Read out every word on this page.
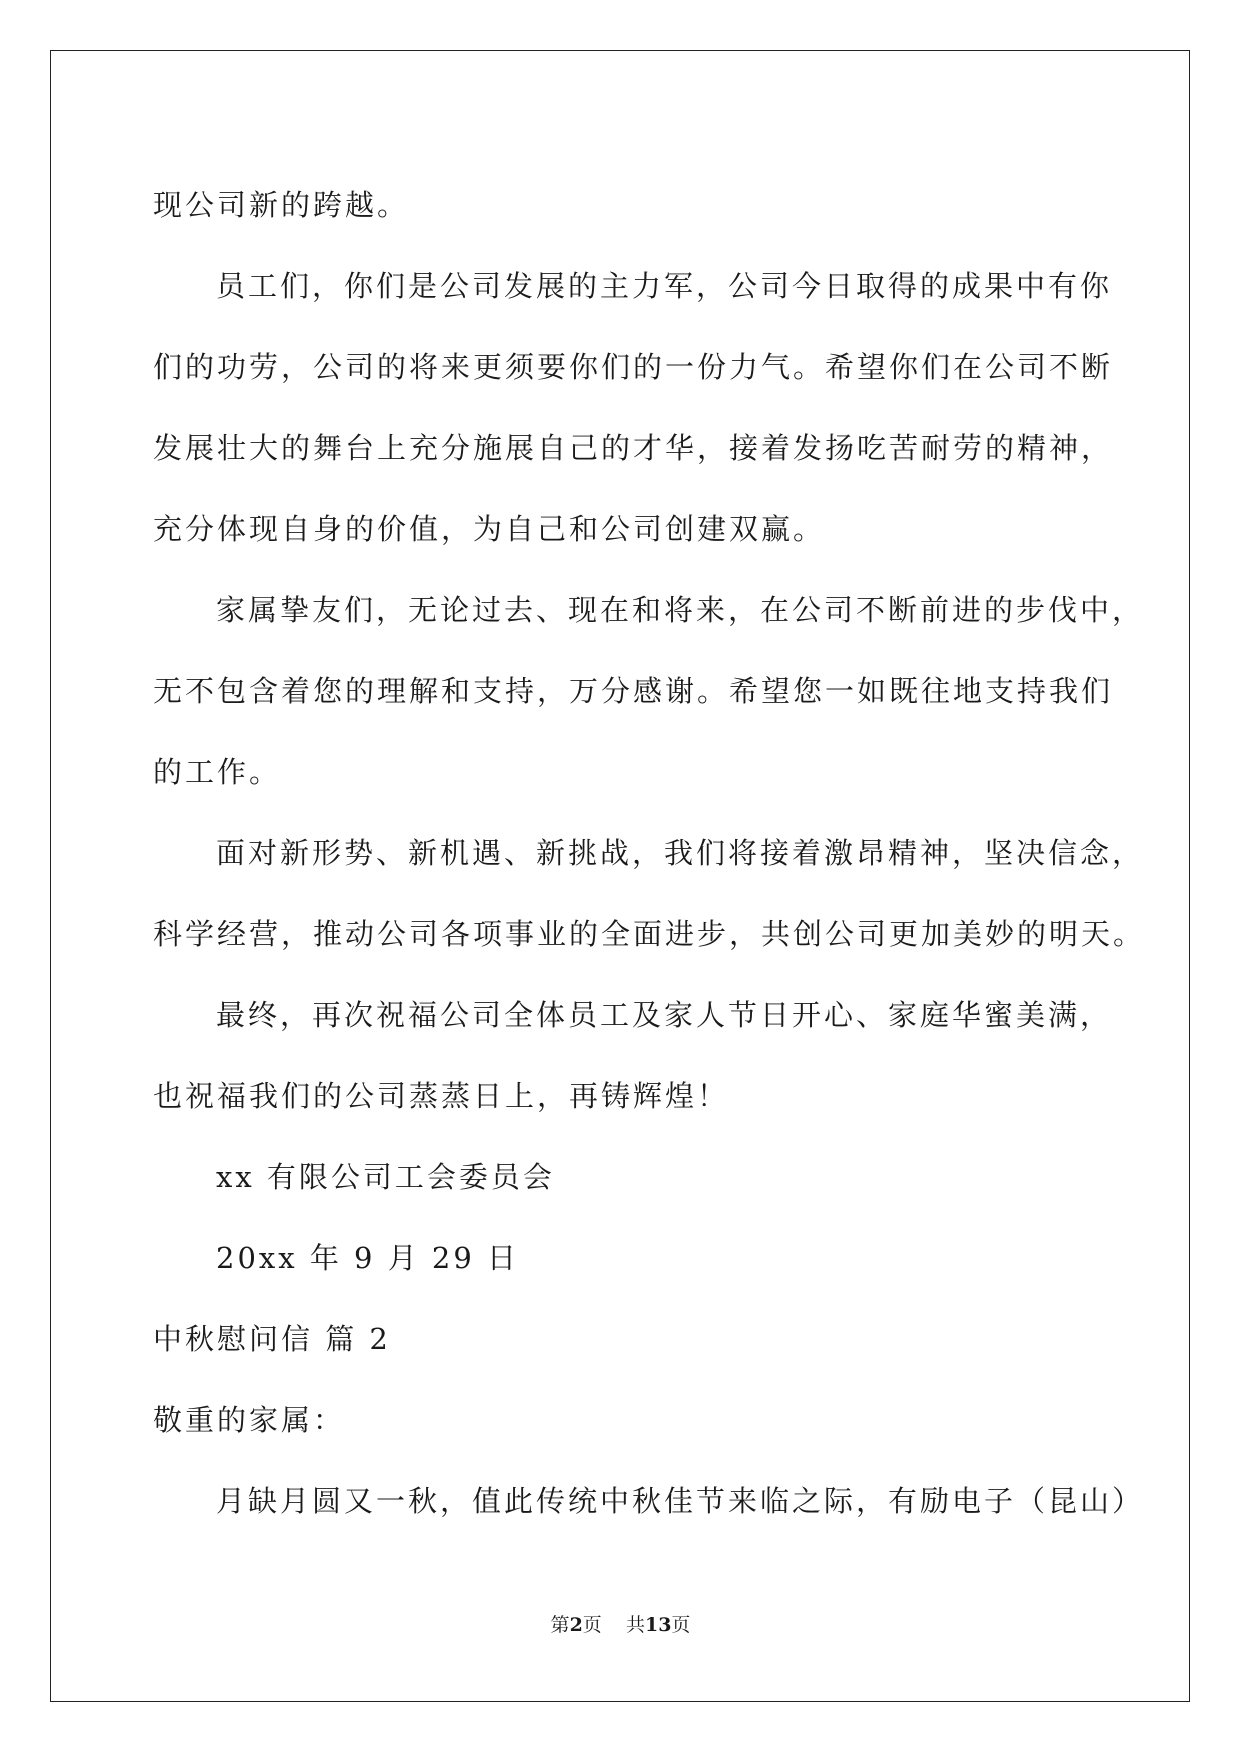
现公司新的跨越。
员工们，你们是公司发展的主力军，公司今日取得的成果中有你
们的功劳，公司的将来更须要你们的一份力气。希望你们在公司不断
发展壮大的舞台上充分施展自己的才华，接着发扬吃苦耐劳的精神，
充分体现自身的价值，为自己和公司创建双赢。
家属挚友们，无论过去、现在和将来，在公司不断前进的步伐中，
无不包含着您的理解和支持，万分感谢。希望您一如既往地支持我们
的工作。
面对新形势、新机遇、新挑战，我们将接着激昂精神，坚决信念，
科学经营，推动公司各项事业的全面进步，共创公司更加美妙的明天。
最终，再次祝福公司全体员工及家人节日开心、家庭华蜜美满，
也祝福我们的公司蒸蒸日上，再铸辉煌！
xx 有限公司工会委员会
20xx 年 9 月 29 日
中秋慰问信 篇 2
敬重的家属：
月缺月圆又一秋，值此传统中秋佳节来临之际，有励电子（昆山）
第2页    共13页
